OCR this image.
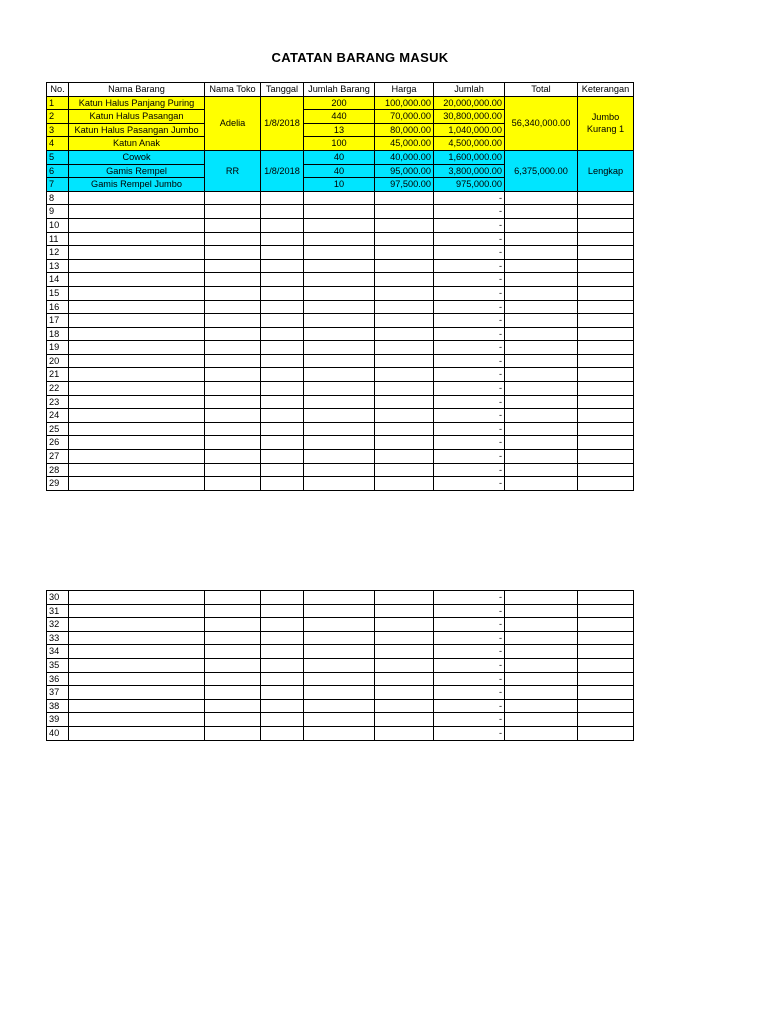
CATATAN BARANG MASUK
No.	Nama Barang	Nama Toko	Tanggal	Jumlah Barang	Harga	Jumlah	Total	Keterangan
1	Katun Halus Panjang Puring	Adelia	1/8/2018	200	100,000.00	20,000,000.00	56,340,000.00	Jumbo Kurang 1
2	Katun Halus Pasangan			440	70,000.00	30,800,000.00		
3	Katun Halus Pasangan Jumbo			13	80,000.00	1,040,000.00		
4	Katun Anak			100	45,000.00	4,500,000.00		
5	Cowok	RR	1/8/2018	40	40,000.00	1,600,000.00	6,375,000.00	Lengkap
6	Gamis Rempel			40	95,000.00	3,800,000.00		
7	Gamis Rempel Jumbo			10	97,500.00	975,000.00		
8						-		
9						-		
10						-		
11						-		
12						-		
13						-		
14						-		
15						-		
16						-		
17						-		
18						-		
19						-		
20						-		
21						-		
22						-		
23						-		
24						-		
25						-		
26						-		
27						-		
28						-		
29						-		
30						-		
31						-		
32						-		
33						-		
34						-		
35						-		
36						-		
37						-		
38						-		
39						-		
40						-		
